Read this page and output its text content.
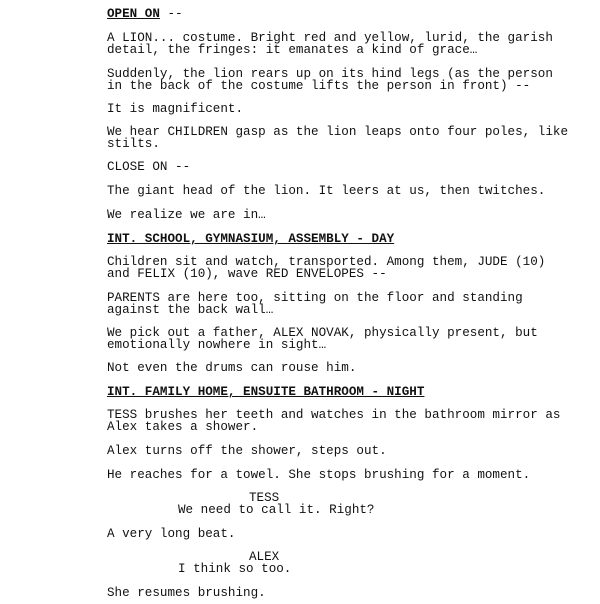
OPEN ON --
A LION... costume. Bright red and yellow, lurid, the garish
detail, the fringes: it emanates a kind of grace…
Suddenly, the lion rears up on its hind legs (as the person
in the back of the costume lifts the person in front) --
It is magnificent.
We hear CHILDREN gasp as the lion leaps onto four poles, like
stilts.
CLOSE ON --
The giant head of the lion. It leers at us, then twitches.
We realize we are in…
INT. SCHOOL, GYMNASIUM, ASSEMBLY - DAY
Children sit and watch, transported. Among them, JUDE (10)
and FELIX (10), wave RED ENVELOPES --
PARENTS are here too, sitting on the floor and standing
against the back wall…
We pick out a father, ALEX NOVAK, physically present, but
emotionally nowhere in sight…
Not even the drums can rouse him.
INT. FAMILY HOME, ENSUITE BATHROOM - NIGHT
TESS brushes her teeth and watches in the bathroom mirror as
Alex takes a shower.
Alex turns off the shower, steps out.
He reaches for a towel. She stops brushing for a moment.
TESS
We need to call it. Right?
A very long beat.
ALEX
I think so too.
She resumes brushing.
